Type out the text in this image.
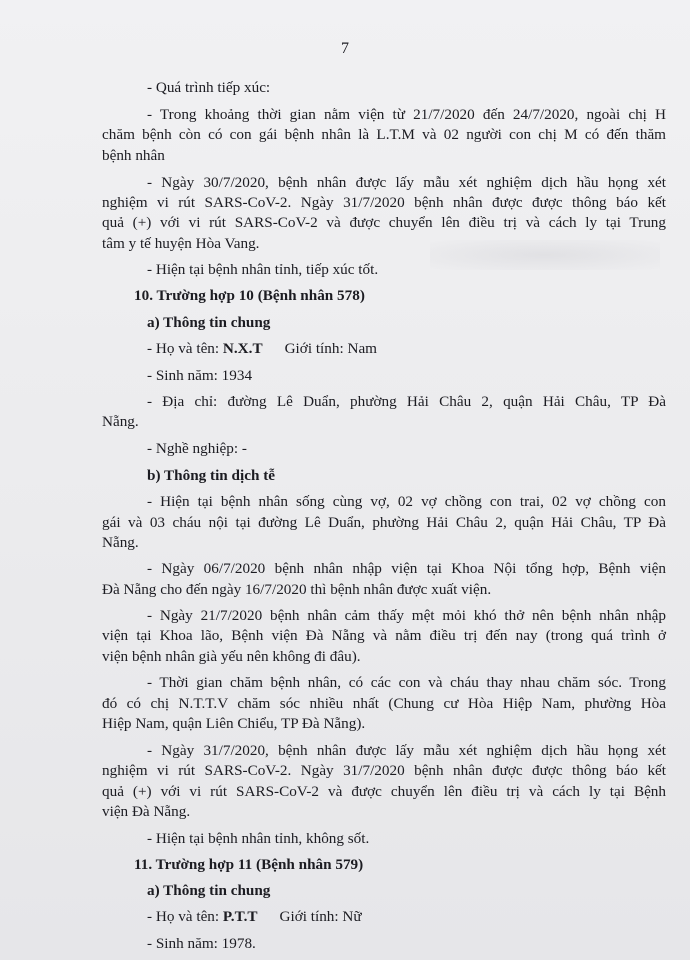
7
- Quá trình tiếp xúc:
- Trong khoảng thời gian nằm viện từ 21/7/2020 đến 24/7/2020, ngoài chị H
chăm bệnh còn có con gái bệnh nhân là L.T.M và 02 người con chị M có đến thăm
bệnh nhân
- Ngày 30/7/2020, bệnh nhân được lấy mẫu xét nghiệm dịch hầu họng xét
nghiệm vi rút SARS-CoV-2. Ngày 31/7/2020 bệnh nhân được được thông báo kết
quả (+) với vi rút SARS-CoV-2 và được chuyển lên điều trị và cách ly tại Trung
tâm y tế huyện Hòa Vang.
- Hiện tại bệnh nhân tỉnh, tiếp xúc tốt.
10. Trường hợp 10 (Bệnh nhân 578)
a) Thông tin chung
- Họ và tên: N.X.T Giới tính: Nam
- Sinh năm: 1934
- Địa chỉ: đường Lê Duẩn, phường Hải Châu 2, quận Hải Châu, TP Đà
Nẵng.
- Nghề nghiệp: -
b) Thông tin dịch tễ
- Hiện tại bệnh nhân sống cùng vợ, 02 vợ chồng con trai, 02 vợ chồng con
gái và 03 cháu nội tại đường Lê Duẩn, phường Hải Châu 2, quận Hải Châu, TP Đà
Nẵng.
- Ngày 06/7/2020 bệnh nhân nhập viện tại Khoa Nội tổng hợp, Bệnh viện
Đà Nẵng cho đến ngày 16/7/2020 thì bệnh nhân được xuất viện.
- Ngày 21/7/2020 bệnh nhân cảm thấy mệt mỏi khó thở nên bệnh nhân nhập
viện tại Khoa lão, Bệnh viện Đà Nẵng và nằm điều trị đến nay (trong quá trình ở
viện bệnh nhân già yếu nên không đi đâu).
- Thời gian chăm bệnh nhân, có các con và cháu thay nhau chăm sóc. Trong
đó có chị N.T.T.V chăm sóc nhiều nhất (Chung cư Hòa Hiệp Nam, phường Hòa
Hiệp Nam, quận Liên Chiểu, TP Đà Nẵng).
- Ngày 31/7/2020, bệnh nhân được lấy mẫu xét nghiệm dịch hầu họng xét
nghiệm vi rút SARS-CoV-2. Ngày 31/7/2020 bệnh nhân được được thông báo kết
quả (+) với vi rút SARS-CoV-2 và được chuyển lên điều trị và cách ly tại Bệnh
viện Đà Nẵng.
- Hiện tại bệnh nhân tỉnh, không sốt.
11. Trường hợp 11 (Bệnh nhân 579)
a) Thông tin chung
- Họ và tên: P.T.T Giới tính: Nữ
- Sinh năm: 1978.
